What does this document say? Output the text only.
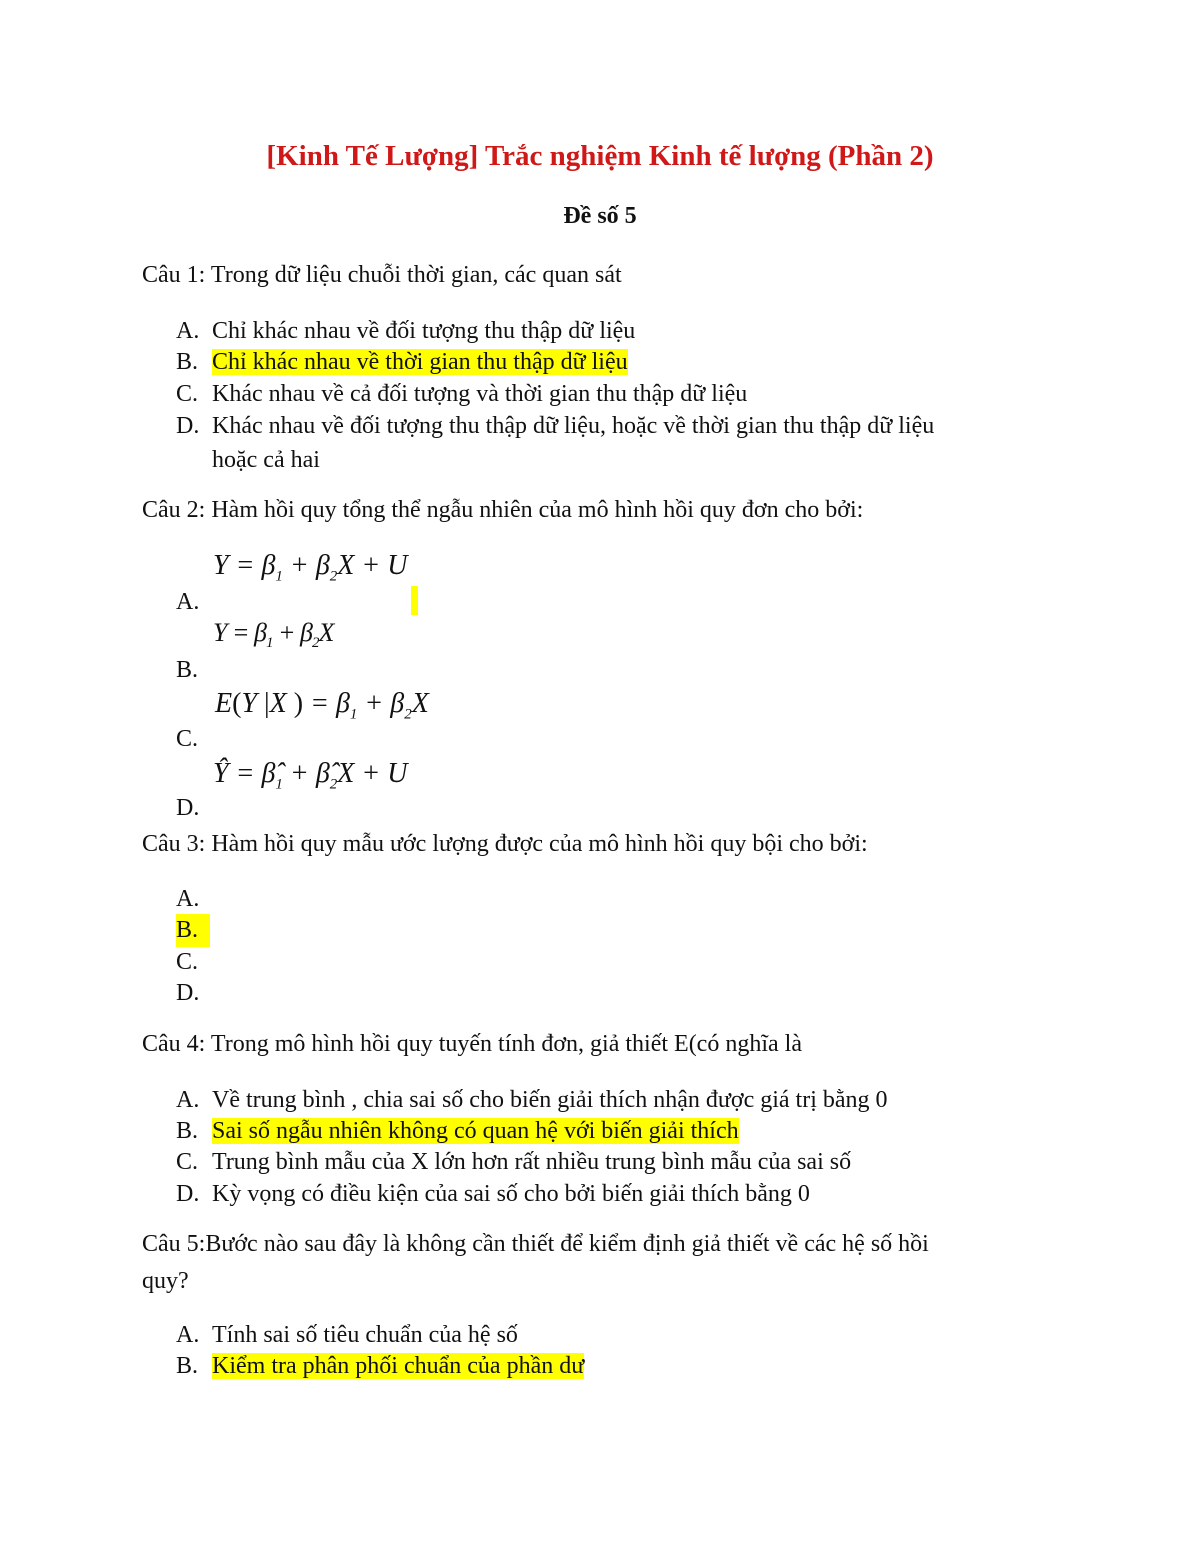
[Kinh Tế Lượng] Trắc nghiệm Kinh tế lượng (Phần 2)
Đề số 5
Câu 1: Trong dữ liệu chuỗi thời gian, các quan sát
A. Chỉ khác nhau về đối tượng thu thập dữ liệu
B. Chỉ khác nhau về thời gian thu thập dữ liệu
C. Khác nhau về cả đối tượng và thời gian thu thập dữ liệu
D. Khác nhau về đối tượng thu thập dữ liệu, hoặc về thời gian thu thập dữ liệu
hoặc cả hai
Câu 2: Hàm hồi quy tổng thể ngẫu nhiên của mô hình hồi quy đơn cho bởi:
$Y = \beta_1 + \beta_2X + U$
A.
$Y = \beta_1 + \beta_2X$
B.
E(Y |X ) = $\beta_1 + \beta_2X$
C.
Ŷ = $\betâ_1$ + $\betâ_2X + U$
D.
Câu 3: Hàm hồi quy mẫu ước lượng được của mô hình hồi quy bội cho bởi:
A.
B.
C.
D.
Câu 4: Trong mô hình hồi quy tuyến tính đơn, giả thiết E(có nghĩa là
A. Về trung bình , chia sai số cho biến giải thích nhận được giá trị bằng 0
B. Sai số ngẫu nhiên không có quan hệ với biến giải thích
C. Trung bình mẫu của X lớn hơn rất nhiều trung bình mẫu của sai số
D. Kỳ vọng có điều kiện của sai số cho bởi biến giải thích bằng 0
Câu 5:Bước nào sau đây là không cần thiết để kiểm định giả thiết về các hệ số hồi
quy?
A. Tính sai số tiêu chuẩn của hệ số
B. Kiểm tra phân phối chuẩn của phần dư
